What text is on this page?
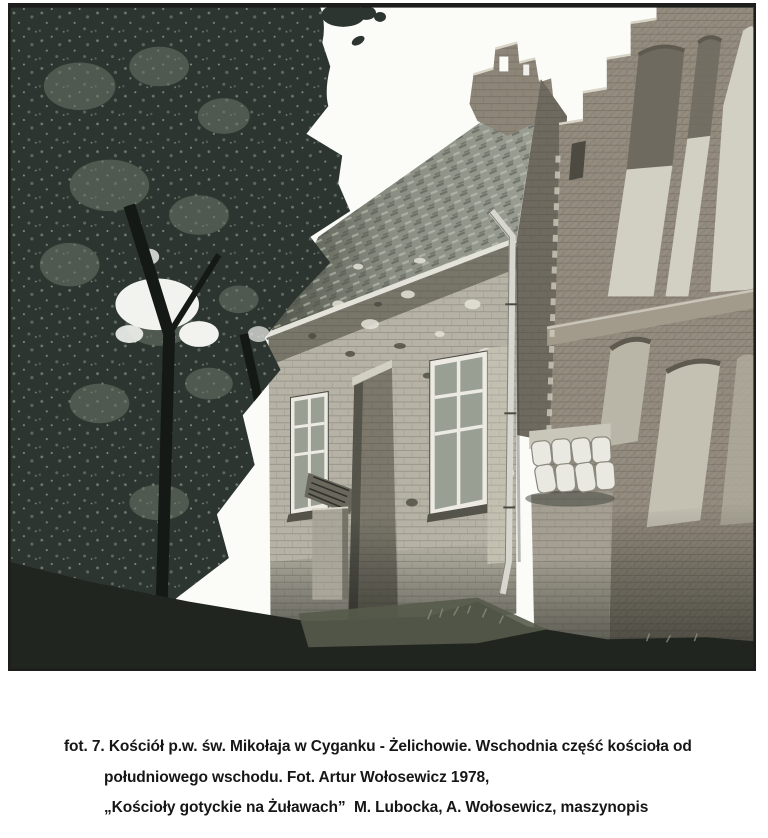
fot. 7. Kościół p.w. św. Mikołaja w Cyganku - Żelichowie. Wschodnia część kościoła od
południowego wschodu. Fot. Artur Wołosewicz 1978,
„Kościoły gotyckie na Żuławach”  M. Lubocka, A. Wołosewicz, maszynopis
